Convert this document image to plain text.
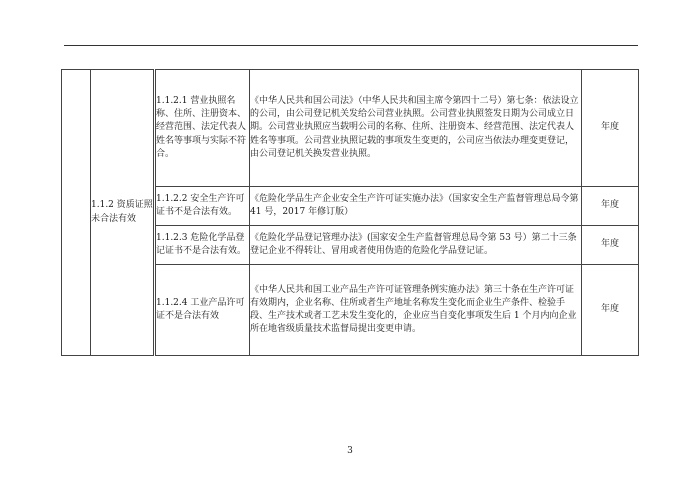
	1.1.2 资质证照未合法有效	1.1.2.1 营业执照名称、住所、注册资本、经营范围、法定代表人姓名等事项与实际不符合。	《中华人民共和国公司法》（中华人民共和国主席令第四十二号）第七条：依法设立的公司，由公司登记机关发给公司营业执照。公司营业执照签发日期为公司成立日期。公司营业执照应当载明公司的名称、住所、注册资本、经营范围、法定代表人姓名等事项。公司营业执照记载的事项发生变更的，公司应当依法办理变更登记，由公司登记机关换发营业执照。	年度
		1.1.2.2 安全生产许可证书不是合法有效。	《危险化学品生产企业安全生产许可证实施办法》（国家安全生产监督管理总局令第 41 号，2017 年修订版）	年度
		1.1.2.3 危险化学品登记证书不是合法有效。	《危险化学品登记管理办法》(国家安全生产监督管理总局令第 53 号）第二十三条登记企业不得转让、冒用或者使用伪造的危险化学品登记证。	年度
		1.1.2.4 工业产品许可证不是合法有效	《中华人民共和国工业产品生产许可证管理条例实施办法》第三十条在生产许可证有效期内，企业名称、住所或者生产地址名称发生变化而企业生产条件、检验手段、生产技术或者工艺未发生变化的，企业应当自变化事项发生后 1 个月内向企业所在地省级质量技术监督局提出变更申请。	年度
3
